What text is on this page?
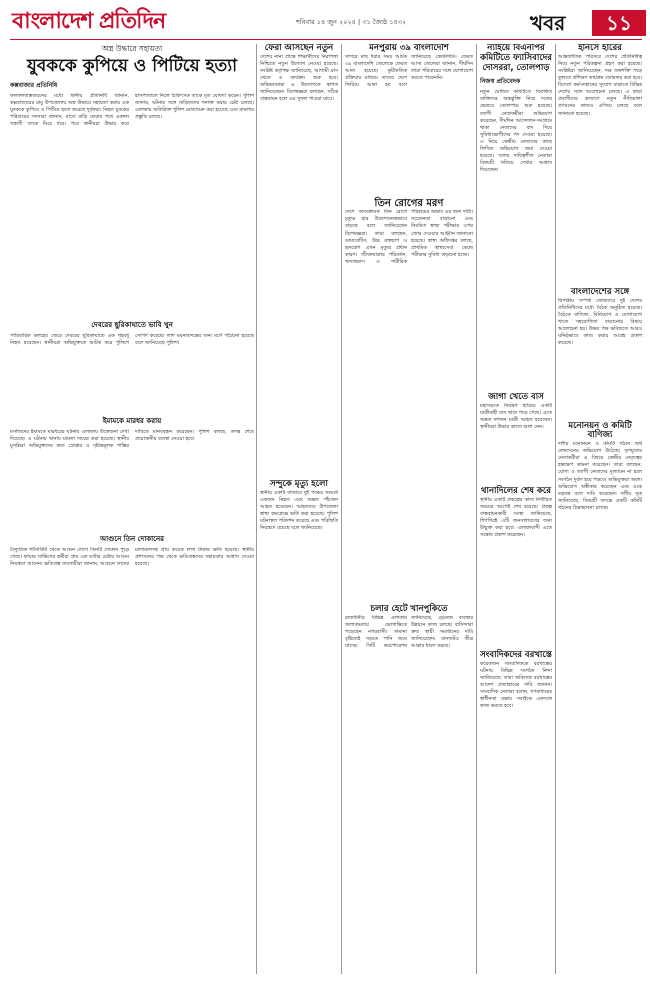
বাংলাদেশ প্রতিদিন	শনিবার ১৪ জুন ২০২৫ | ৩১ জ্যৈষ্ঠ ১৪৩২	খবর	১১
অস্ত্র উদ্ধারে সহায়তা
যুবককে কুপিয়ে ও পিটিয়ে হত্যা
কক্সবাজার প্রতিনিধি
ফলফলবাস্তবায়নের মধ্যে স্থানীয় প্রতিনিধি জানান, কক্সবাজারের রামু উপজেলায় অস্ত্র উদ্ধারে সহায়তা করায় এক যুবককে কুপিয়ে ও পিটিয়ে হত্যা করেছে দুর্বৃত্তরা। নিহত যুবকের পরিবারের সদস্যরা জানান, রাতে বাড়ি ফেরার পথে একদল সন্ত্রাসী তাকে ঘিরে ধরে। পরে স্থানীয়রা উদ্ধার করে হাসপাতালে নিলে চিকিৎসক তাকে মৃত ঘোষণা করেন। পুলিশ জানায়, ঘটনার সঙ্গে জড়িতদের শনাক্ত করার চেষ্টা চলছে। এলাকায় অতিরিক্ত পুলিশ মোতায়েন করা হয়েছে এবং মামলার প্রস্তুতি চলছে।
দেবরের ছুরিকাঘাতে ভাবি খুন
পারিবারিক কলহের জেরে দেবরের ছুরিকাঘাতে এক গৃহবধূ নিহত হয়েছেন। স্থানীয়রা অভিযুক্তকে আটক করে পুলিশে সোপর্দ করেছে। লাশ ময়নাতদন্তের জন্য মর্গে পাঠানো হয়েছে বলে জানিয়েছে পুলিশ।
ইমামকে মারধর করায়
মসজিদের ইমামকে মারধরের ঘটনায় এলাকায় উত্তেজনা দেখা দিয়েছে। এ ঘটনায় থানায় মামলা দায়ের করা হয়েছে। স্থানীয় মুসল্লিরা অভিযুক্তদের দ্রুত গ্রেপ্তার ও দৃষ্টান্তমূলক শাস্তির দাবিতে মানববন্ধন করেছেন। পুলিশ বলছে, তদন্ত শেষে প্রয়োজনীয় ব্যবস্থা নেওয়া হবে।
আগুনে তিন দোকানের
বৈদ্যুতিক শর্টসার্কিট থেকে আগুন লেগে তিনটি দোকান পুড়ে গেছে। ফায়ার সার্ভিসের কর্মীরা প্রায় এক ঘণ্টার চেষ্টায় আগুন নিয়ন্ত্রণে আনেন। ক্ষতিগ্রস্ত ব্যবসায়ীরা জানান, আগুনে তাদের মালামালসহ প্রায় কয়েক লাখ টাকার ক্ষতি হয়েছে। স্থানীয় প্রশাসনের পক্ষ থেকে ক্ষতিগ্রস্তদের সহায়তার আশ্বাস দেওয়া হয়েছে।
ফেরা আসছেন নতুন
দেশের নানা প্রান্তে শিক্ষার্থীদের নিরাপত্তা নিশ্চিতে নতুন উদ্যোগ নেওয়া হয়েছে। সংশ্লিষ্ট কর্তৃপক্ষ জানিয়েছে, আগামী মাস থেকে এ কার্যক্রম শুরু হবে। অভিভাবকরা এ উদ্যোগকে স্বাগত জানিয়েছেন। বিশেষজ্ঞরা বলছেন, সঠিক বাস্তবায়ন হলে এর সুফল পাওয়া যাবে।
সন্দুকে মৃত্যু হলো
স্থানীয় একটি বাজারে দুই পক্ষের সংঘর্ষে একজন নিহত এবং অন্তত পাঁচজন আহত হয়েছেন। আহতদের উপজেলা স্বাস্থ্য কমপ্লেক্সে ভর্তি করা হয়েছে। পুলিশ ঘটনাস্থল পরিদর্শন করেছে এবং পরিস্থিতি নিয়ন্ত্রণে রয়েছে বলে জানিয়েছে।
মনপুরায় ৩৯ বাংলাদেশি
সাগরে মাছ ধরার সময় আটক ৩৯ বাংলাদেশি জেলেকে ফেরত আনা হয়েছে। কূটনৈতিক প্রক্রিয়ার মাধ্যমে তাদের দেশে ফিরিয়ে আনা হয় বলে জানিয়েছে কোস্টগার্ড। ফেরত আসা জেলেরা জানান, দীর্ঘদিন তারা পরিবারের সঙ্গে যোগাযোগ করতে পারেননি।
তিন রোগের মরণ
দেশে অসংক্রামক তিন রোগে মৃত্যুর হার উদ্বেগজনকভাবে বাড়ছে বলে জানিয়েছেন বিশেষজ্ঞরা। তারা বলছেন, ডায়াবেটিস, উচ্চ রক্তচাপ ও হৃদরোগ এখন মৃত্যুর প্রধান কারণ। জীবনযাত্রার পরিবর্তন, খাদ্যাভ্যাস ও শারীরিক পরিশ্রমের অভাব এর জন্য দায়ী। সচেতনতা বাড়ানো এবং নিয়মিত স্বাস্থ্য পরীক্ষার ওপর জোর দেওয়ার আহ্বান জানানো হয়েছে। স্বাস্থ্য অধিদপ্তর বলছে, প্রাথমিক স্বাস্থ্যসেবা কেন্দ্রে পরীক্ষার সুবিধা বাড়ানো হচ্ছে।
চলার হেটে খানপুকিতে
রাজধানীর বিভিন্ন এলাকায় জলাবদ্ধতায় ভোগান্তিতে পড়েছেন নগরবাসী। সামান্য বৃষ্টিতেই সড়কে পানি জমে যাচ্ছে। সিটি করপোরেশন জানিয়েছে, ড্রেনেজ ব্যবস্থার উন্নয়নে কাজ চলছে। বাসিন্দারা দ্রুত স্থায়ী সমাধানের দাবি জানিয়েছেন। যানজটও তীব্র আকার ধারণ করছে।
ন্যাইয়ে বিএনপির কমিটিতে ফ্যাসিবাদের দোসররা, তোলপাড়
নিজস্ব প্রতিবেদক
নতুন ঘোষিত কমিটিতে বিতর্কিত ব্যক্তিদের অন্তর্ভুক্তি নিয়ে দলের ভেতরে তোলপাড় শুরু হয়েছে। ত্যাগী নেতাকর্মীরা অভিযোগ করেছেন, দীর্ঘদিন আন্দোলন-সংগ্রামে থাকা নেতাদের বাদ দিয়ে সুবিধাভোগীদের পদ দেওয়া হয়েছে। এ নিয়ে কেন্দ্রীয় নেতাদের কাছে লিখিত অভিযোগ জমা দেওয়া হয়েছে। দলের দায়িত্বশীল নেতারা বিষয়টি খতিয়ে দেখার আশ্বাস দিয়েছেন।
জাগা খেতে বাস
মহাসড়কে নিয়ন্ত্রণ হারিয়ে একটি যাত্রীবাহী বাস খাদে পড়ে গেছে। এতে অন্তত দশজন যাত্রী আহত হয়েছেন। স্থানীয়রা উদ্ধার কাজে অংশ নেন।
থানাদিলের শেষ করে
স্থানীয় একটি প্রকল্পের কাজ নির্ধারিত সময়ের আগেই শেষ হয়েছে। প্রকল্প বাস্তবায়নকারী সংস্থা জানিয়েছে, শিগগিরই এটি জনসাধারণের জন্য উন্মুক্ত করা হবে। এলাকাবাসী এতে সন্তোষ প্রকাশ করেছেন।
সংবাদিকদের বরখাস্তে
কয়েকজন সাংবাদিককে বরখাস্তের ঘটনায় বিভিন্ন সংগঠন নিন্দা জানিয়েছে। তারা অবিলম্বে বরখাস্তের আদেশ প্রত্যাহারের দাবি জানান। সাংবাদিক নেতারা বলেন, গণমাধ্যমের স্বাধীনতা রক্ষায় সবাইকে একসঙ্গে কাজ করতে হবে।
ইনিসে হারের
আন্তর্জাতিক পরিসরে দেশের প্রতিনিধিত্ব নিয়ে নতুন পরিকল্পনা গ্রহণ করা হয়েছে। সংশ্লিষ্টরা জানিয়েছেন, দক্ষ জনশক্তি গড়ে তুলতে প্রশিক্ষণ কার্যক্রম জোরদার করা হবে। বিদেশে কর্মসংস্থানের সুযোগ বাড়াতে বিভিন্ন দেশের সঙ্গে আলোচনা চলছে। এ ছাড়া প্রবাসীদের কল্যাণে নতুন নীতিমালা প্রণয়নের কাজও এগিয়ে চলছে বলে জানানো হয়েছে।
বাংলাদেশের সঙ্গে
দ্বিপক্ষীয় সম্পর্ক জোরদারে দুই দেশের প্রতিনিধিদের মধ্যে বৈঠক অনুষ্ঠিত হয়েছে। বৈঠকে বাণিজ্য, বিনিয়োগ ও যোগাযোগ খাতে সহযোগিতা বাড়ানোর বিষয়ে আলোচনা হয়। উভয় পক্ষ ভবিষ্যতে আরও ঘনিষ্ঠভাবে কাজ করার আগ্রহ প্রকাশ করেছে।
মনোনয়ন ও কমিটি বাণিজ্য
দলীয় মনোনয়ন ও কমিটি গঠনে অর্থ লেনদেনের অভিযোগ উঠেছে। তৃণমূলের নেতাকর্মীরা এ বিষয়ে কেন্দ্রীয় নেতৃত্বের হস্তক্ষেপ কামনা করেছেন। তারা বলছেন, যোগ্য ও ত্যাগী নেতাদের মূল্যায়ন না হলে সংগঠন দুর্বল হয়ে পড়বে। অভিযুক্তরা অবশ্য অভিযোগ অস্বীকার করেছেন এবং একে ষড়যন্ত্র বলে দাবি করেছেন। দলীয় সূত্র জানিয়েছে, বিষয়টি তদন্তে একটি কমিটি গঠনের চিন্তাভাবনা চলছে।
